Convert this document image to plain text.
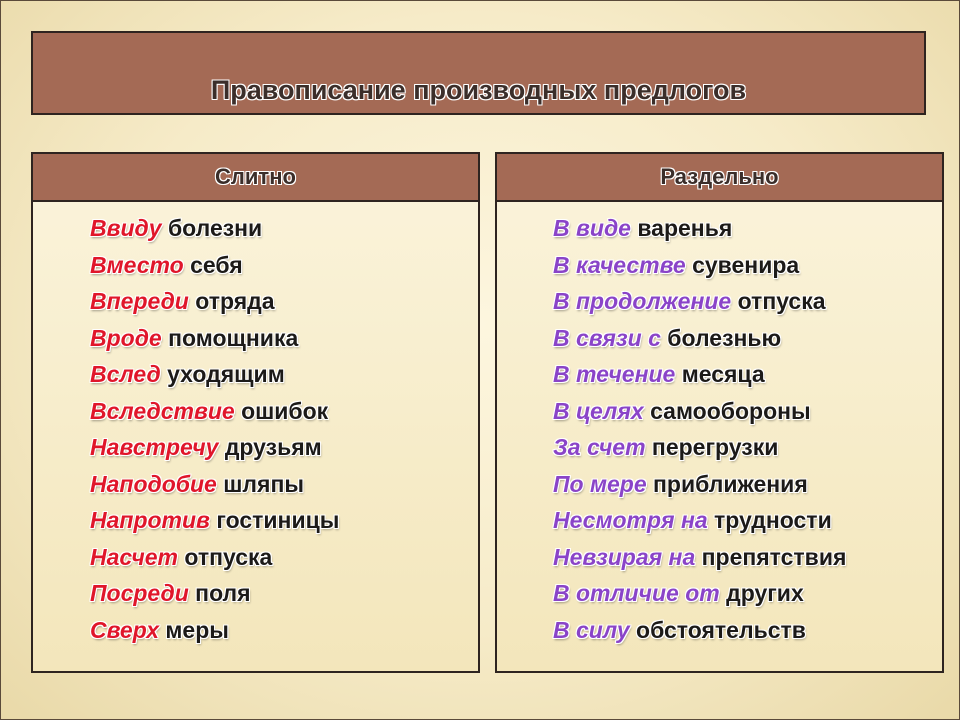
Правописание производных предлогов
Слитно
Ввиду болезни
Вместо себя
Впереди отряда
Вроде помощника
Вслед уходящим
Вследствие ошибок
Навстречу друзьям
Наподобие шляпы
Напротив гостиницы
Насчет отпуска
Посреди поля
Сверх меры
Раздельно
В виде варенья
В качестве сувенира
В продолжение отпуска
В связи с болезнью
В течение месяца
В целях самообороны
За счет перегрузки
По мере приближения
Несмотря на трудности
Невзирая на препятствия
В отличие от других
В силу обстоятельств
